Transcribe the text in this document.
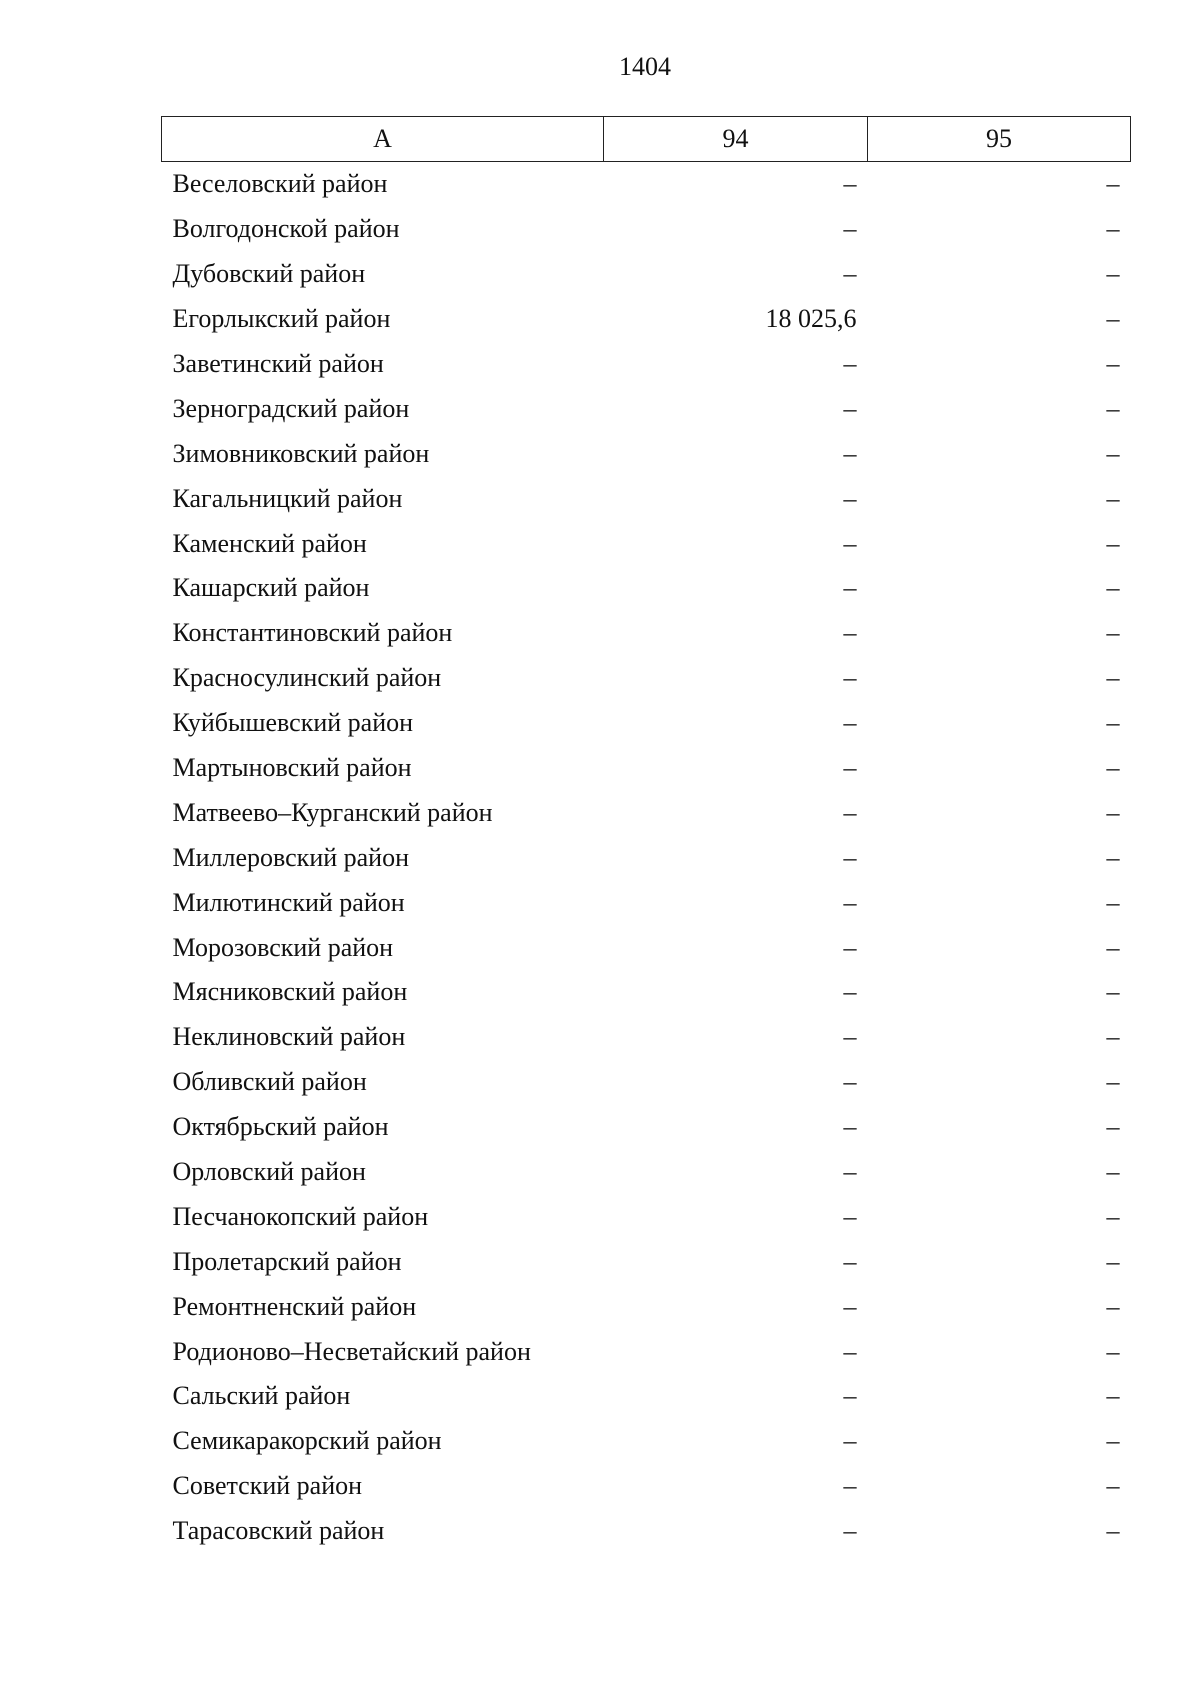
1404
A	94	95
Веселовский район	–	–
Волгодонской район	–	–
Дубовский район	–	–
Егорлыкский район	18 025,6	–
Заветинский район	–	–
Зерноградский район	–	–
Зимовниковский район	–	–
Кагальницкий район	–	–
Каменский район	–	–
Кашарский район	–	–
Константиновский район	–	–
Красносулинский район	–	–
Куйбышевский район	–	–
Мартыновский район	–	–
Матвеево–Курганский район	–	–
Миллеровский район	–	–
Милютинский район	–	–
Морозовский район	–	–
Мясниковский район	–	–
Неклиновский район	–	–
Обливский район	–	–
Октябрьский район	–	–
Орловский район	–	–
Песчанокопский район	–	–
Пролетарский район	–	–
Ремонтненский район	–	–
Родионово–Несветайский район	–	–
Сальский район	–	–
Семикаракорский район	–	–
Советский район	–	–
Тарасовский район	–	–
